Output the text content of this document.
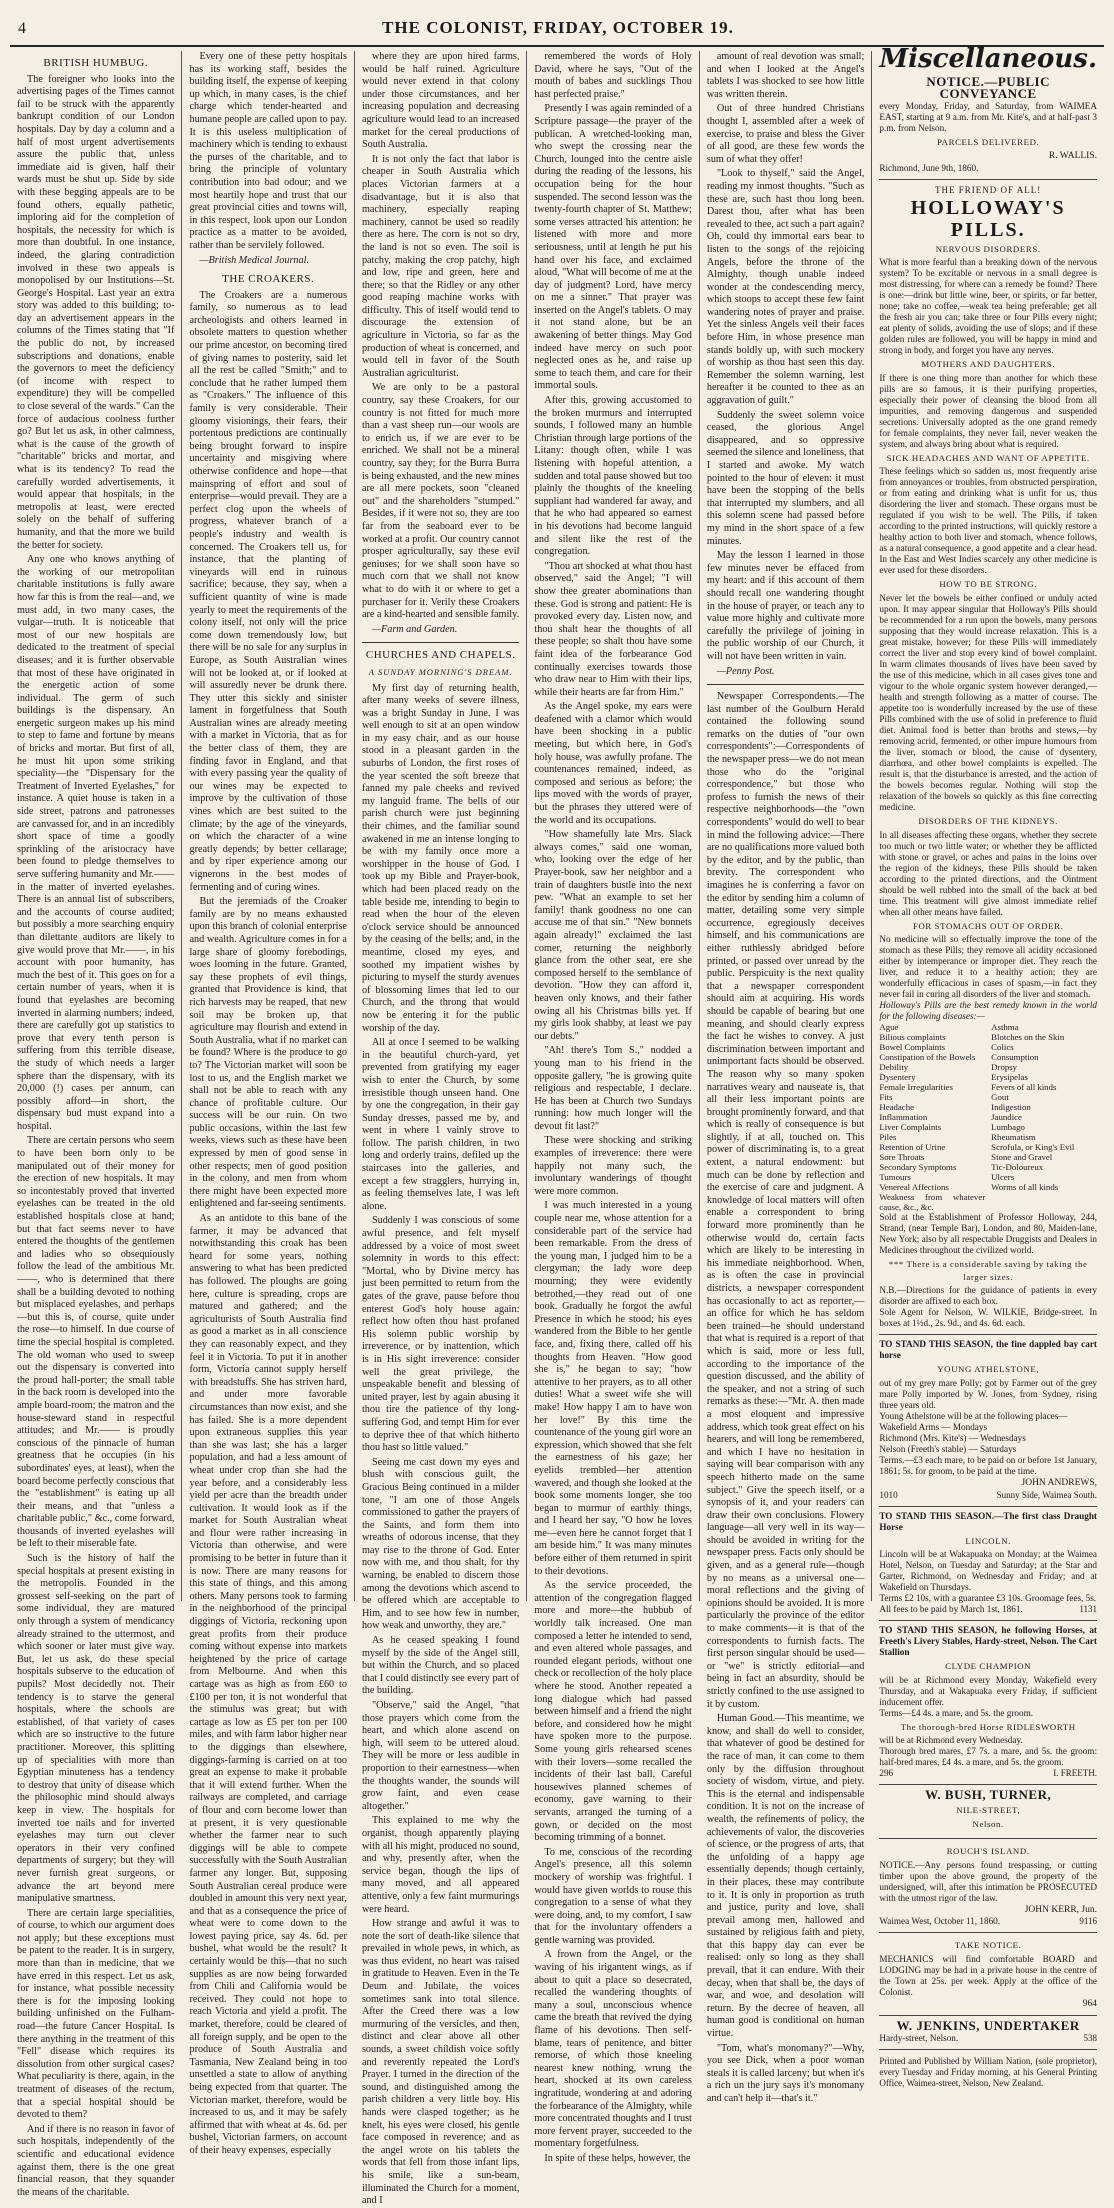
4	THE COLONIST, FRIDAY, OCTOBER 19.
BRITISH HUMBUG.

The foreigner who looks into the advertising pages of the Times cannot fail to be struck with the apparently bankrupt condition of our London hospitals. Day by day a column and a half of most urgent advertisements assure the public that, unless immediate aid is given, half their wards must be shut up. Side by side with these begging appeals are to be found others, equally pathetic, imploring aid for the completion of hospitals, the necessity for which is more than doubtful. In one instance, indeed, the glaring contradiction involved in these two appeals is monopolised by our Institutions—St. George's Hospital. Last year an extra story was added to this building; to-day an advertisement appears in the columns of the Times stating that "If the public do not, by increased subscriptions and donations, enable the governors to meet the deficiency (of income with respect to expenditure) they will be compelled to close several of the wards." Can the force of audacious coolness further go? But let us ask, in other calmness, what is the cause of the growth of "charitable" bricks and mortar, and what is its tendency? To read the carefully worded advertisements, it would appear that hospitals, in the metropolis at least, were erected solely on the behalf of suffering humanity, and that the more we build the better for society.

Any one who knows anything of the working of our metropolitan charitable institutions is fully aware how far this is from the real—and, we must add, in two many cases, the vulgar—truth. It is noticeable that most of our new hospitals are dedicated to the treatment of special diseases; and it is further observable that most of these have originated in the energetic action of some individual. The germ of such buildings is the dispensary. An energetic surgeon makes up his mind to step to fame and fortune by means of bricks and mortar. But first of all, he must hit upon some striking speciality—the "Dispensary for the Treatment of Inverted Eyelashes," for instance. A quiet house is taken in a side street, patrons and patronesses are canvassed for, and in an incredibly short space of time a goodly sprinkling of the aristocracy have been found to pledge themselves to serve suffering humanity and Mr.—— in the matter of inverted eyelashes. There is an annual list of subscribers, and the accounts of course audited; but possibly a more searching enquiry than dilettante auditors are likely to give would prove that Mr.——, in his account with poor humanity, has much the best of it. This goes on for a certain number of years, when it is found that eyelashes are becoming inverted in alarming numbers; indeed, there are carefully got up statistics to prove that every tenth person is suffering from this terrible disease, the study of which needs a larger sphere than the dispensary, with its 20,000 (!) cases per annum, can possibly afford—in short, the dispensary bud must expand into a hospital.

There are certain persons who seem to have been born only to be manipulated out of their money for the erection of new hospitals. It may so incontestably proved that inverted eyelashes can be treated in the old established hospitals close at hand; but that fact seems never to have entered the thoughts of the gentlemen and ladies who so obsequiously follow the lead of the ambitious Mr.——, who is determined that there shall be a building devoted to nothing but misplaced eyelashes, and perhaps—but this is, of course, quite under the rose—to himself. In due course of time the special hospital is completed. The old woman who used to sweep out the dispensary is converted into the proud hall-porter; the small table in the back room is developed into the ample board-room; the matron and the house-steward stand in respectful attitudes; and Mr.—— is proudly conscious of the pinnacle of human greatness that he occupies (in his subordinates' eyes, at least), when the board become perfectly conscious that the "establishment" is eating up all their means, and that "unless a charitable public," &c., come forward, thousands of inverted eyelashes will be left to their miserable fate.

Such is the history of half the special hospitals at present existing in the metropolis. Founded in the grossest self-seeking on the part of some individual, they are matured only through a system of mendicancy already strained to the uttermost, and which sooner or later must give way. But, let us ask, do these special hospitals subserve to the education of pupils? Most decidedly not. Their tendency is to starve the general hospitals, where the schools are established, of that variety of cases which are so instructive to the future practitioner. Moreover, this splitting up of specialities with more than Egyptian minuteness has a tendency to destroy that unity of disease which the philosophic mind should always keep in view. The hospitals for inverted toe nails and for inverted eyelashes may turn out clever operators in their very confined departments of surgery; but they will never furnish great surgeons, or advance the art beyond mere manipulative smartness.

There are certain large specialities, of course, to which our argument does not apply; but these exceptions must be patent to the reader. It is in surgery, more than than in medicine, that we have erred in this respect. Let us ask, for instance, what possible necessity there is for the imposing looking building unfinished on the Fulham-road—the future Cancer Hospital. Is there anything in the treatment of this "Fell" disease which requires its dissolution from other surgical cases? What peculiarity is there, again, in the treatment of diseases of the rectum, that a special hospital should be devoted to them?

And if there is no reason in favor of such hospitals, independently of the scientific and educational evidence against them, there is the one great financial reason, that they squander the means of the charitable.

Every one of these petty hospitals has its working staff, besides the building itself, the expense of keeping up which, in many cases, is the chief charge which tender-hearted and humane people are called upon to pay. It is this useless multiplication of machinery which is tending to exhaust the purses of the charitable, and to bring the principle of voluntary contribution into bad odour; and we most heartily hope and trust that our great provincial cities and towns will, in this respect, look upon our London practice as a matter to be avoided, rather than be servilely followed.

—British Medical Journal.

THE CROAKERS.

The Croakers are a numerous family, so numerous as to lead archeologists and others learned in obsolete matters to question whether our prime ancestor, on becoming tired of giving names to posterity, said let all the rest be called "Smith;" and to conclude that he rather lumped them as "Croakers." The influence of this family is very considerable. Their gloomy visionings, their fears, their portentous predictions are continually being brought forward to inspire uncertainty and misgiving where otherwise confidence and hope—that mainspring of effort and soul of enterprise—would prevail. They are a perfect clog upon the wheels of progress, whatever branch of a people's industry and wealth is concerned. The Croakers tell us, for instance, that the planting of vineyards will end in ruinous sacrifice; because, they say, when a sufficient quantity of wine is made yearly to meet the requirements of the colony itself, not only will the price come down tremendously low, but there will be no sale for any surplus in Europe, as South Australian wines will not be looked at, or if looked at will assuredly never be drunk there. They utter this sickly and sinister lament in forgetfulness that South Australian wines are already meeting with a market in Victoria, that as for the better class of them, they are finding favor in England, and that with every passing year the quality of our wines may be expected to improve by the cultivation of those vines which are best suited to the climate; by the age of the vineyards, on which the character of a wine greatly depends; by better cellarage; and by riper experience among our vignerons in the best modes of fermenting and of curing wines.

But the jeremiads of the Croaker family are by no means exhausted upon this branch of colonial enterprise and wealth. Agriculture comes in for a large share of gloomy forebodings, woes looming in the future. Granted, say these prophets of evil things, granted that Providence is kind, that rich harvests may be reaped, that new soil may be broken up, that agriculture may flourish and extend in South Australia, what if no market can be found? Where is the produce to go to? The Victorian market will soon be lost to us, and the English market we shall not be able to reach with any chance of profitable culture. Our success will be our ruin. On two public occasions, within the last few weeks, views such as these have been expressed by men of good sense in other respects; men of good position in the colony, and men from whom there might have been expected more enlightened and far-seeing sentiments.

As an antidote to this bane of the farmer, it may be advanced that notwithstanding this croak has been heard for some years, nothing answering to what has been predicted has followed. The ploughs are going here, culture is spreading, crops are matured and gathered; and the agriculturists of South Australia find as good a market as in all conscience they can reasonably expect, and they feel it in Victoria. To put it in another form, Victoria cannot supply herself with breadstuffs. She has striven hard, and under more favorable circumstances than now exist, and she has failed. She is a more dependent upon extraneous supplies this year than she was last; she has a larger population, and had a less amount of wheat under crop than she had the year before, and a considerably less yield per acre than the breadth under cultivation. It would look as if the market for South Australian wheat and flour were rather increasing in Victoria than otherwise, and were promising to be better in future than it is now. There are many reasons for this state of things, and this among others. Many persons took to farming in the neighborhood of the principal diggings of Victoria, reckoning upon great profits from their produce coming without expense into markets heightened by the price of cartage from Melbourne. And when this cartage was as high as from £60 to £100 per ton, it is not wonderful that the stimulus was great; but with cartage as low as £5 per ton per 100 miles, and with farm labor higher near to the diggings than elsewhere, diggings-farming is carried on at too great an expense to make it probable that it will extend further. When the railways are completed, and carriage of flour and corn become lower than at present, it is very questionable whether the farmer near to such diggings will be able to compete successfully with the South Australian farmer any longer. But, supposing South Australian cereal produce were doubled in amount this very next year, and that as a consequence the price of wheat were to come down to the lowest paying price, say 4s. 6d. per bushel, what would be the result? It certainly would be this—that no such supplies as are now being forwarded from Chili and California would be received. They could not hope to reach Victoria and yield a profit. The market, therefore, could be cleared of all foreign supply, and be open to the produce of South Australia and Tasmania, New Zealand being in too unsettled a state to allow of anything being expected from that quarter. The Victorian market, therefore, would be increased to us, and it may be safely affirmed that with wheat at 4s. 6d. per bushel, Victorian farmers, on account of their heavy expenses, especially

where they are upon hired farms, would be half ruined. Agriculture would never extend in that colony under those circumstances, and her increasing population and decreasing agriculture would lead to an increased market for the cereal productions of South Australia.

It is not only the fact that labor is cheaper in South Australia which places Victorian farmers at a disadvantage, but it is also that machinery, especially reaping machinery, cannot be used so readily there as here. The corn is not so dry, the land is not so even. The soil is patchy, making the crop patchy, high and low, ripe and green, here and there; so that the Ridley or any other good reaping machine works with difficulty. This of itself would tend to discourage the extension of agriculture in Victoria, so far as the production of wheat is concerned, and would tell in favor of the South Australian agriculturist.

We are only to be a pastoral country, say these Croakers, for our country is not fitted for much more than a vast sheep run—our wools are to enrich us, if we are ever to be enriched. We shall not be a mineral country, say they; for the Burra Burra is being exhausted, and the new mines are all mere pockets, soon "cleaned out" and the shareholders "stumped." Besides, if it were not so, they are too far from the seaboard ever to be worked at a profit. Our country cannot prosper agriculturally, say these evil geniuses; for we shall soon have so much corn that we shall not know what to do with it or where to get a purchaser for it. Verily these Croakers are a kind-hearted and sensible family.

—Farm and Garden.

CHURCHES AND CHAPELS.
A SUNDAY MORNING'S DREAM.

My first day of returning health, after many weeks of severe illness, was a bright Sunday in June. I was well enough to sit at an open window in my easy chair, and as our house stood in a pleasant garden in the suburbs of London, the first roses of the year scented the soft breeze that fanned my pale cheeks and revived my languid frame. The bells of our parish church were just beginning their chimes, and the familiar sound awakened in me an intense longing to be with my family once more a worshipper in the house of God. I took up my Bible and Prayer-book, which had been placed ready on the table beside me, intending to begin to read when the hour of the eleven o'clock service should be announced by the ceasing of the bells; and, in the meantime, closed my eyes, and soothed my impatient wishes by picturing to myself the sturdy avenues of blossoming limes that led to our Church, and the throng that would now be entering it for the public worship of the day.

All at once I seemed to be walking in the beautiful church-yard, yet prevented from gratifying my eager wish to enter the Church, by some irresistible though unseen hand. One by one the congregation, in their gay Sunday dresses, passed me by, and went in where I vainly strove to follow. The parish children, in two long and orderly trains, defiled up the staircases into the galleries, and except a few stragglers, hurrying in, as feeling themselves late, I was left alone.

Suddenly I was conscious of some awful presence, and felt myself addressed by a voice of most sweet solemnity in words to this effect: "Mortal, who by Divine mercy has just been permitted to return from the gates of the grave, pause before thou enterest God's holy house again: reflect how often thou hast profaned His solemn public worship by irreverence, or by inattention, which is in His sight irreverence: consider well the great privilege, the unspeakable benefit and blessing of united prayer, lest by again abusing it thou tire the patience of thy long-suffering God, and tempt Him for ever to deprive thee of that which hitherto thou hast so little valued."

Seeing me cast down my eyes and blush with conscious guilt, the Gracious Being continued in a milder tone, "I am one of those Angels commissioned to gather the prayers of the Saints, and form them into wreaths of odorous incense, that they may rise to the throne of God. Enter now with me, and thou shalt, for thy warning, be enabled to discern those among the devotions which ascend to be offered which are acceptable to Him, and to see how few in number, how weak and unworthy, they are."

As he ceased speaking I found myself by the side of the Angel still, but within the Church, and so placed that I could distinctly see every part of the building.

"Observe," said the Angel, "that those prayers which come from the heart, and which alone ascend on high, will seem to be uttered aloud. They will be more or less audible in proportion to their earnestness—when the thoughts wander, the sounds will grow faint, and even cease altogether."

This explained to me why the organist, though apparently playing with all his might, produced no sound, and why, presently after, when the service began, though the lips of many moved, and all appeared attentive, only a few faint murmurings were heard.

How strange and awful it was to note the sort of death-like silence that prevailed in whole pews, in which, as was thus evident, no heart was raised in gratitude to Heaven. Even in the Te Deum and Jubilate, the voices sometimes sank into total silence. After the Creed there was a low murmuring of the versicles, and then, distinct and clear above all other sounds, a sweet childish voice softly and reverently repeated the Lord's Prayer. I turned in the direction of the sound, and distinguished among the parish children a very little boy. His hands were clasped together; as he knelt, his eyes were closed, his gentle face composed in reverence; and as the angel wrote on his tablets the words that fell from those infant lips, his smile, like a sun-beam, illuminated the Church for a moment, and I

remembered the words of Holy David, where he says, "Out of the mouth of babes and sucklings Thou hast perfected praise."

Presently I was again reminded of a Scripture passage—the prayer of the publican. A wretched-looking man, who swept the crossing near the Church, lounged into the centre aisle during the reading of the lessons, his occupation being for the hour suspended. The second lesson was the twenty-fourth chapter of St. Matthew; some verses attracted his attention: he listened with more and more seriousness, until at length he put his hand over his face, and exclaimed aloud, "What will become of me at the day of judgment? Lord, have mercy on me a sinner." That prayer was inserted on the Angel's tablets. O may it not stand alone, but be an awakening of better things. May God indeed have mercy on such poor neglected ones as he, and raise up some to teach them, and care for their immortal souls.

After this, growing accustomed to the broken murmurs and interrupted sounds, I followed many an humble Christian through large portions of the Litany: though often, while I was listening with hopeful attention, a sudden and total pause showed but too plainly the thoughts of the kneeling suppliant had wandered far away, and that he who had appeared so earnest in his devotions had become languid and silent like the rest of the congregation.

"Thou art shocked at what thou hast observed," said the Angel; "I will show thee greater abominations than these. God is strong and patient: He is provoked every day. Listen now, and thou shalt hear the thoughts of all these people; so shalt thou have some faint idea of the forbearance God continually exercises towards those who draw near to Him with their lips, while their hearts are far from Him."

As the Angel spoke, my ears were deafened with a clamor which would have been shocking in a public meeting, but which here, in God's holy house, was awfully profane. The countenances remained, indeed, as composed and serious as before; the lips moved with the words of prayer, but the phrases they uttered were of the world and its occupations.

"How shamefully late Mrs. Slack always comes," said one woman, who, looking over the edge of her Prayer-book, saw her neighbor and a train of daughters bustle into the next pew. "What an example to set her family! thank goodness no one can accuse me of that sin." "New bonnets again already!" exclaimed the last comer, returning the neighborly glance from the other seat, ere she composed herself to the semblance of devotion. "How they can afford it, heaven only knows, and their father owing all his Christmas bills yet. If my girls look shabby, at least we pay our debts."

"Ah! there's Tom S.," nodded a young man to his friend in the opposite gallery, "he is growing quite religious and respectable, I declare. He has been at Church two Sundays running: how much longer will the devout fit last?"

These were shocking and striking examples of irreverence: there were happily not many such, the involuntary wanderings of thought were more common.

I was much interested in a young couple near me, whose attention for a considerable part of the service had been remarkable. From the dress of the young man, I judged him to be a clergyman; the lady wore deep mourning; they were evidently betrothed,—they read out of one book. Gradually he forgot the awful Presence in which he stood; his eyes wandered from the Bible to her gentle face, and, fixing there, called off his thoughts from Heaven. "How good she is," he began to say; "how attentive to her prayers, as to all other duties! What a sweet wife she will make! How happy I am to have won her love!" By this time the countenance of the young girl wore an expression, which showed that she felt the earnestness of his gaze; her eyelids trembled—her attention wavered, and though she looked at the book some moments longer, she too began to murmur of earthly things, and I heard her say, "O how he loves me—even here he cannot forget that I am beside him." It was many minutes before either of them returned in spirit to their devotions.

As the service proceeded, the attention of the congregation flagged more and more—the hubbub of worldly talk increased. One man composed a letter he intended to send, and even altered whole passages, and rounded elegant periods, without one check or recollection of the holy place where he stood. Another repeated a long dialogue which had passed between himself and a friend the night before, and considered how he might have spoken more to the purpose. Some young girls rehearsed scenes with their lovers—some recalled the incidents of their last ball. Careful housewives planned schemes of economy, gave warning to their servants, arranged the turning of a gown, or decided on the most becoming trimming of a bonnet.

To me, conscious of the recording Angel's presence, all this solemn mockery of worship was frightful. I would have given worlds to rouse this congregation to a sense of what they were doing, and, to my comfort, I saw that for the involuntary offenders a gentle warning was provided.

A frown from the Angel, or the waving of his irigantent wings, as if about to quit a place so desecrated, recalled the wandering thoughts of many a soul, unconscious whence came the breath that revived the dying flame of his devotions. Then self-blame, tears of penitence, and bitter remorse, of which those kneeling nearest knew nothing, wrung the heart, shocked at its own careless ingratitude, wondering at and adoring the forbearance of the Almighty, while more concentrated thoughts and I trust more fervent prayer, succeeded to the momentary forgetfulness.

In spite of these helps, however, the

amount of real devotion was small; and when I looked at the Angel's tablets I was shocked to see how little was written therein.

Out of three hundred Christians thought I, assembled after a week of exercise, to praise and bless the Giver of all good, are these few words the sum of what they offer!

"Look to thyself," said the Angel, reading my inmost thoughts. "Such as these are, such hast thou long been. Darest thou, after what has been revealed to thee, act such a part again? Oh, could thy immortal ears bear to listen to the songs of the rejoicing Angels, before the throne of the Almighty, though unable indeed wonder at the condescending mercy, which stoops to accept these few faint wandering notes of prayer and praise. Yet the sinless Angels veil their faces before Him, in whose presence man stands boldly up, with such mockery of worship as thou hast seen this day. Remember the solemn warning, lest hereafter it be counted to thee as an aggravation of guilt."

Suddenly the sweet solemn voice ceased, the glorious Angel disappeared, and so oppressive seemed the silence and loneliness, that I started and awoke. My watch pointed to the hour of eleven: it must have been the stopping of the bells that interrupted my slumbers, and all this solemn scene had passed before my mind in the short space of a few minutes.

May the lesson I learned in those few minutes never be effaced from my heart: and if this account of them should recall one wandering thought in the house of prayer, or teach any to value more highly and cultivate more carefully the privilege of joining in the public worship of our Church, it will not have been written in vain.

—Penny Post.

Newspaper Correspondents.—The last number of the Goulburn Herald contained the following sound remarks on the duties of "our own correspondents":—Correspondents of the newspaper press—we do not mean those who do the "original correspondence," but those who profess to furnish the news of their respective neighborhoods—the "own correspondents" would do well to bear in mind the following advice:—There are no qualifications more valued both by the editor, and by the public, than brevity. The correspondent who imagines he is conferring a favor on the editor by sending him a column of matter, detailing some very simple occurrence, egregiously deceives himself, and his communications are either ruthlessly abridged before printed, or passed over unread by the public. Perspicuity is the next quality that a newspaper correspondent should aim at acquiring. His words should be capable of bearing but one meaning, and should clearly express the fact he wishes to convey. A just discrimination between important and unimportant facts should be observed. The reason why so many spoken narratives weary and nauseate is, that all their less important points are brought prominently forward, and that which is really of consequence is but slightly, if at all, touched on. This power of discriminating is, to a great extent, a natural endowment: but much can be done by reflection and the exercise of care and judgment. A knowledge of local matters will often enable a correspondent to bring forward more prominently than he otherwise would do, certain facts which are likely to be interesting in his immediate neighborhood. When, as is often the case in provincial districts, a newspaper correspondent has occasionally to act as reporter,—an office for which he has seldom been trained—he should understand that what is required is a report of that which is said, more or less full, according to the importance of the question discussed, and the ability of the speaker, and not a string of such remarks as these:—"Mr. A. then made a most eloquent and impressive address, which took great effect on his hearers, and will long be remembered, and which I have no hesitation in saying will bear comparison with any speech hitherto made on the same subject." Give the speech itself, or a synopsis of it, and your readers can draw their own conclusions. Flowery language—all very well in its way—should be avoided in writing for the newspaper press. Facts only should be given, and as a general rule—though by no means as a universal one—moral reflections and the giving of opinions should be avoided. It is more particularly the province of the editor to make comments—it is that of the correspondents to furnish facts. The first person singular should be used—or "we" is strictly editorial—and being in fact an absurdity, should be strictly confined to the use assigned to it by custom.

Human Good.—This meantime, we know, and shall do well to consider, that whatever of good be destined for the race of man, it can come to them only by the diffusion throughout society of wisdom, virtue, and piety. This is the eternal and indispensable condition. It is not on the increase of wealth, the refinements of policy, the achievements of valor, the discoveries of science, or the progress of arts, that the unfolding of a happy age essentially depends; though certainly, in their places, these may contribute to it. It is only in proportion as truth and justice, purity and love, shall prevail among men, hallowed and sustained by religious faith and piety, that this happy day can ever be realised: only so long as they shall prevail, that it can endure. With their decay, when that shall be, the days of war, and woe, and desolation will return. By the decree of heaven, all human good is conditional on human virtue.

"Tom, what's monomany?"—Why, you see Dick, when a poor woman steals it is called larceny; but when it's a rich un the jury says it's monomany and can't help it—that's it."

Miscellaneous.
NOTICE.—PUBLIC CONVEYANCE
every Monday, Friday, and Saturday, from WAIMEA EAST, starting at 9 a.m. from Mr. Kite's, and at half-past 3 p.m. from Nelson.
PARCELS DELIVERED.
R. WALLIS.
Richmond, June 9th, 1860.
THE FRIEND OF ALL!
HOLLOWAY'S PILLS.
NERVOUS DISORDERS.
What is more fearful than a breaking down of the nervous system? To be excitable or nervous in a small degree is most distressing, for where can a remedy be found? There is one:—drink but little wine, beer, or spirits, or far better, none; take no coffee,—weak tea being preferable; get all the fresh air you can; take three or four Pills every night; eat plenty of solids, avoiding the use of slops; and if these golden rules are followed, you will be happy in mind and strong in body, and forget you have any nerves.
MOTHERS AND DAUGHTERS.
If there is one thing more than another for which these pills are so famous, it is their purifying properties, especially their power of cleansing the blood from all impurities, and removing dangerous and suspended secretions. Universally adopted as the one grand remedy for female complaints, they never fail, never weaken the system, and always bring about what is required.
SICK HEADACHES AND WANT OF APPETITE.
These feelings which so sadden us, most frequently arise from annoyances or troubles, from obstructed perspiration, or from eating and drinking what is unfit for us, thus disordering the liver and stomach. These organs must be regulated if you wish to be well. The Pills, if taken according to the printed instructions, will quickly restore a healthy action to both liver and stomach, whence follows, as a natural consequence, a good appetite and a clear head. In the East and West Indies scarcely any other medicine is ever used for these disorders.
HOW TO BE STRONG.
Never let the bowels be either confined or unduly acted upon. It may appear singular that Holloway's Pills should be recommended for a run upon the bowels, many persons supposing that they would increase relaxation. This is a great mistake, however; for these Pills will immediately correct the liver and stop every kind of bowel complaint. In warm climates thousands of lives have been saved by the use of this medicine, which in all cases gives tone and vigour to the whole organic system however deranged,—health and strength following as a matter of course. The appetite too is wonderfully increased by the use of these Pills combined with the use of solid in preference to fluid diet. Animal food is better than broths and stews,—by removing acrid, fermented, or other impure humours from the liver, stomach or blood, the cause of dysentery, diarrhœa, and other bowel complaints is expelled. The result is, that the disturbance is arrested, and the action of the bowels becomes regular. Nothing will stop the relaxation of the bowels so quickly as this fine correcting medicine.
DISORDERS OF THE KIDNEYS.
In all diseases affecting these organs, whether they secrete too much or two little water; or whether they be afflicted with stone or gravel, or aches and pains in the loins over the region of the kidneys, these Pills should be taken according to the printed directions, and the Ointment should be well rubbed into the small of the back at bed time. This treatment will give almost immediate relief when all other means have failed.
FOR STOMACHS OUT OF ORDER.
No medicine will so effectually improve the tone of the stomach as these Pills; they remove all acidity occasioned either by intemperance or improper diet. They reach the liver, and reduce it to a healthy action; they are wonderfully efficacious in cases of spasm,—in fact they never fail in curing all disorders of the liver and stomach.
Holloway's Pills are the best remedy known in the world for the following diseases:—
Ague	Asthma
Bilious complaints	Blotches on the Skin
Bowel Complaints	Colics
Constipation of the Bowels	Consumption
Debility	Dropsy
Dysentery	Erysipelas
Female Irregularities	Fevers of all kinds
Fits	Gout
Headache	Indigestion
Inflammation	Jaundice
Liver Complaints	Lumbago
Piles	Rheumatism
Retention of Urine	Scrofula, or King's Evil
Sore Throats	Stone and Gravel
Secondary Symptoms	Tic-Doloureux
Tumours	Ulcers
Venereal Affections	Worms of all kinds
Weakness from whatever cause, &c., &c.
Sold at the Establishment of Professor Holloway, 244, Strand, (near Temple Bar), London, and 80, Maiden-lane, New York; also by all respectable Druggists and Dealers in Medicines throughout the civilized world.
*** There is a considerable saving by taking the larger sizes.
N.B.—Directions for the guidance of patients in every disorder are affixed to each box.
Sole Agent for Nelson, W. WILKIE, Bridge-street. In boxes at 1½d., 2s. 9d., and 4s. 6d. each.
TO STAND THIS SEASON, the fine dappled bay cart horse
YOUNG ATHELSTONE,
out of my grey mare Polly; got by Farmer out of the grey mare Polly imported by W. Jones, from Sydney, rising three years old.
Young Athelstone will be at the following places—
Wakefield Arms — Mondays
Richmond (Mrs. Kite's) — Wednesdays
Nelson (Freeth's stable) — Saturdays
Terms.—£3 each mare, to be paid on or before 1st January, 1861; 5s. for groom, to be paid at the time.
JOHN ANDREWS,
1010	Sunny Side, Waimea South.
TO STAND THIS SEASON.—The first class Draught Horse
LINCOLN.
Lincoln will be at Wakapuaka on Monday; at the Waimea Hotel, Nelson, on Tuesday and Saturday; at the Star and Garter, Richmond, on Wednesday and Friday; and at Wakefield on Thursdays.
Terms £2 10s, with a guarantee £3 10s. Groomage fees, 5s.
All fees to be paid by March 1st, 1861.	1131
TO STAND THIS SEASON, he following Horses, at Freeth's Livery Stables, Hardy-street, Nelson. The Cart Stallion
CLYDE CHAMPION
will be at Richmond every Monday, Wakefield every Thursday, and at Wakapuaka every Friday, if sufficient inducement offer.
Terms—£4 4s. a mare, and 5s. the groom.
The thorough-bred Horse RIDLESWORTH
will be at Richmond every Wednesday.
Thorough bred mares, £7 7s. a mare, and 5s. the groom: half-bred mares, £4 4s. a mare, and 5s. the groom.
296	I. FREETH.
W. BUSH, TURNER,
NILE-STREET,
Nelson.
ROUCH'S ISLAND.
NOTICE.—Any persons found trespassing, or cutting timber upon the above ground, the property of the undersigned, will, after this intimation be PROSECUTED with the utmost rigor of the law.
JOHN KERR, Jun.
Waimea West, October 11, 1860.	9116
TAKE NOTICE.
MECHANICS will find comfortable BOARD and LODGING may be had in a private house in the centre of the Town at 25s. per week. Apply at the office of the Colonist.
964
W. JENKINS, UNDERTAKER
Hardy-street, Nelson.	538
Printed and Published by William Nation, (sole proprietor), every Tuesday and Friday morning, at his General Printing Office, Waimea-street, Nelson, New Zealand.
